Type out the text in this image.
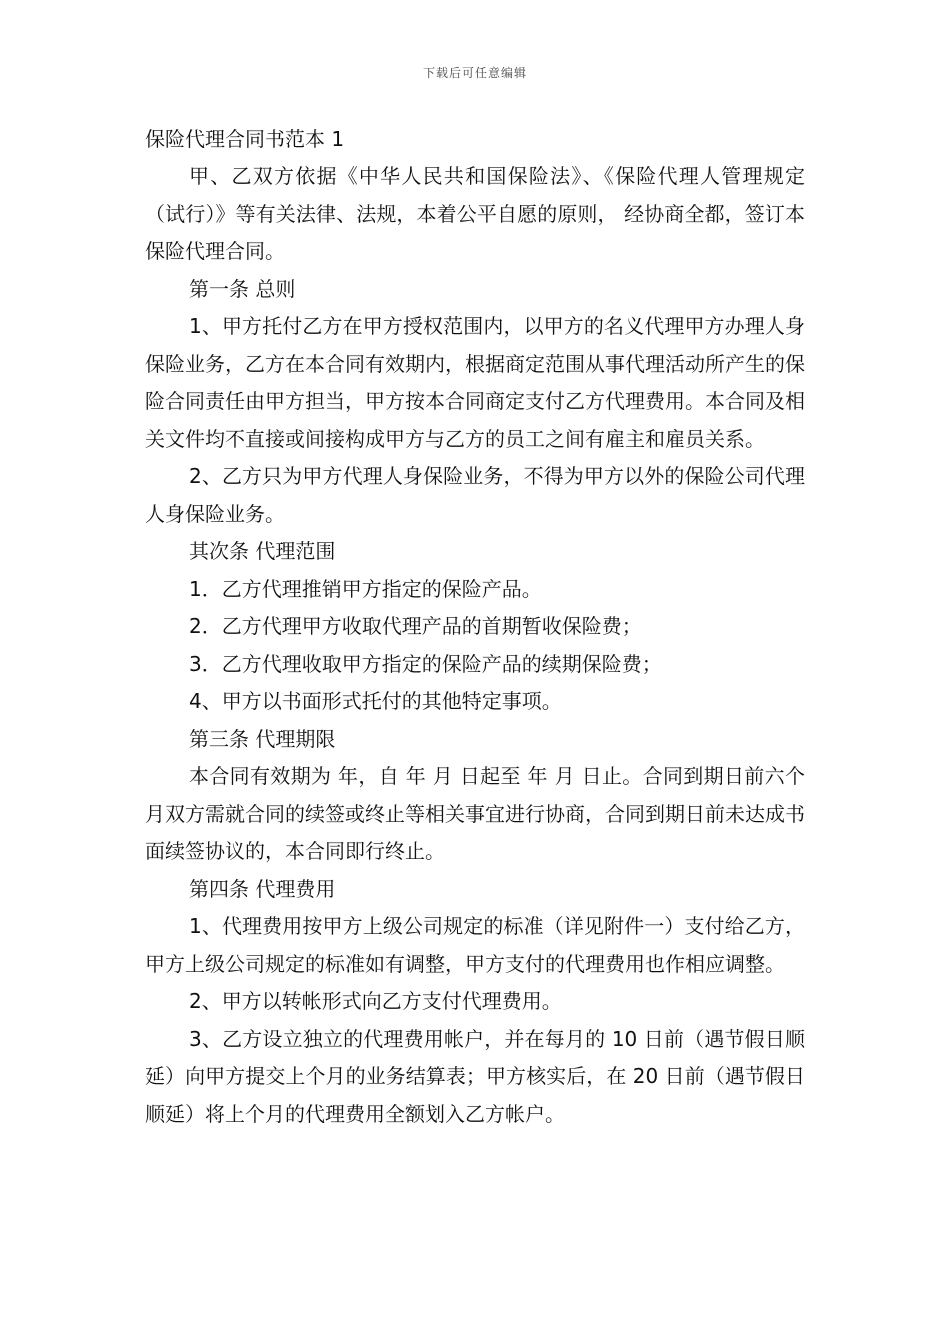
下载后可任意编辑

保险代理合同书范本 1

甲、乙双方依据《中华人民共和国保险法》、《保险代理人管理规定（试行）》等有关法律、法规，本着公平自愿的原则， 经协商全都，签订本保险代理合同。

第一条 总则

1、甲方托付乙方在甲方授权范围内，以甲方的名义代理甲方办理人身保险业务，乙方在本合同有效期内，根据商定范围从事代理活动所产生的保险合同责任由甲方担当，甲方按本合同商定支付乙方代理费用。本合同及相关文件均不直接或间接构成甲方与乙方的员工之间有雇主和雇员关系。

2、乙方只为甲方代理人身保险业务，不得为甲方以外的保险公司代理人身保险业务。

其次条 代理范围

1．乙方代理推销甲方指定的保险产品。

2．乙方代理甲方收取代理产品的首期暂收保险费；

3．乙方代理收取甲方指定的保险产品的续期保险费；

4、甲方以书面形式托付的其他特定事项。

第三条 代理期限

本合同有效期为 年，自 年 月 日起至 年 月 日止。合同到期日前六个月双方需就合同的续签或终止等相关事宜进行协商，合同到期日前未达成书面续签协议的，本合同即行终止。

第四条 代理费用

1、代理费用按甲方上级公司规定的标准（详见附件一）支付给乙方，甲方上级公司规定的标准如有调整，甲方支付的代理费用也作相应调整。

2、甲方以转帐形式向乙方支付代理费用。

3、乙方设立独立的代理费用帐户，并在每月的 10 日前（遇节假日顺延）向甲方提交上个月的业务结算表；甲方核实后，在 20 日前（遇节假日顺延）将上个月的代理费用全额划入乙方帐户。
